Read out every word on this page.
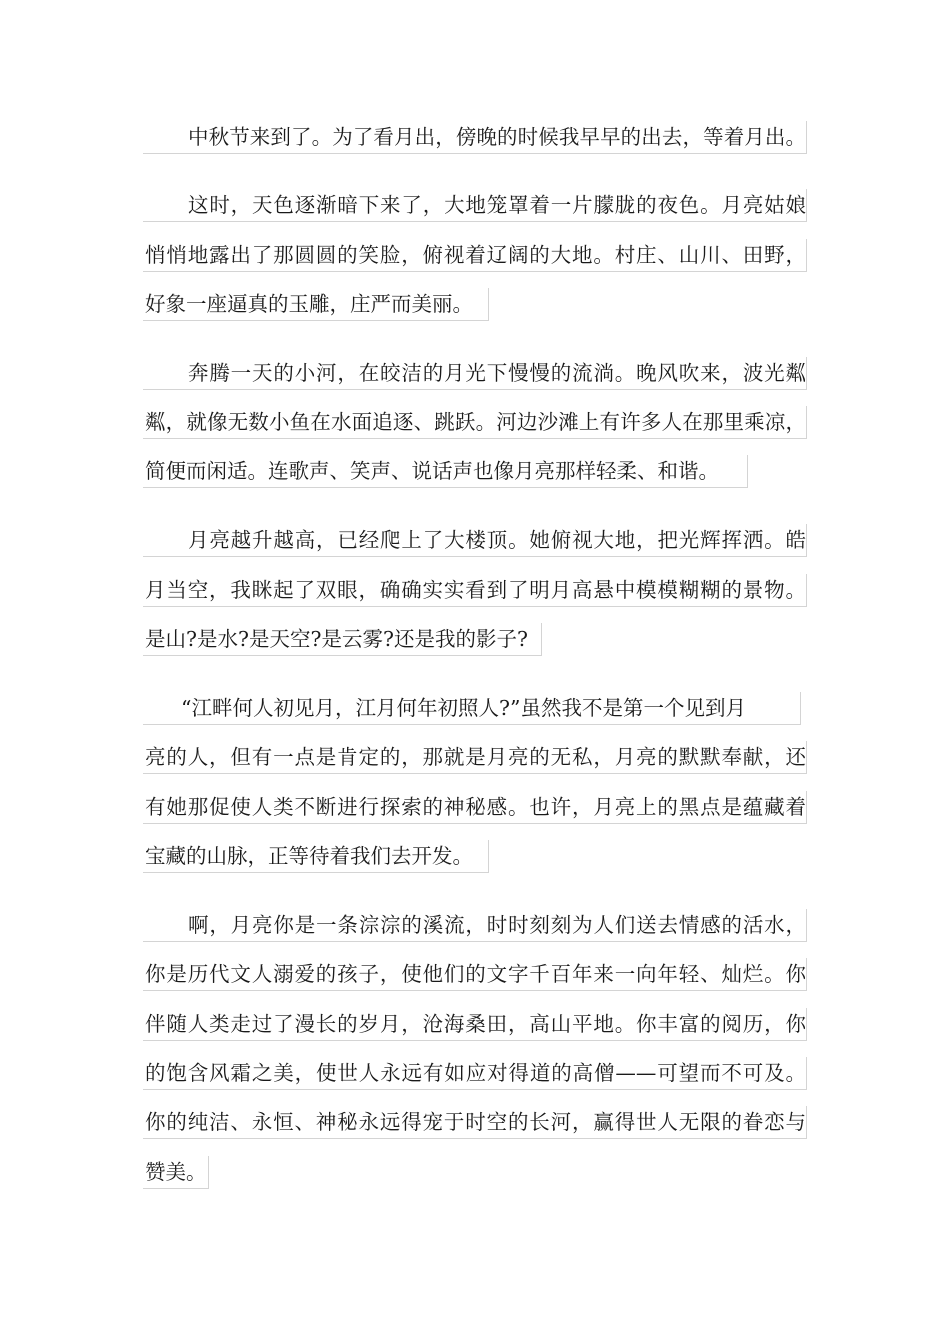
中秋节来到了。为了看月出，傍晚的时候我早早的出去，等着月出。
这时，天色逐渐暗下来了，大地笼罩着一片朦胧的夜色。月亮姑娘
悄悄地露出了那圆圆的笑脸，俯视着辽阔的大地。村庄、山川、田野，
好象一座逼真的玉雕，庄严而美丽。
奔腾一天的小河，在皎洁的月光下慢慢的流淌。晚风吹来，波光粼
粼，就像无数小鱼在水面追逐、跳跃。河边沙滩上有许多人在那里乘凉，
简便而闲适。连歌声、笑声、说话声也像月亮那样轻柔、和谐。
月亮越升越高，已经爬上了大楼顶。她俯视大地，把光辉挥洒。皓
月当空，我眯起了双眼，确确实实看到了明月高悬中模模糊糊的景物。
是山?是水?是天空?是云雾?还是我的影子?
“江畔何人初见月，江月何年初照人?”虽然我不是第一个见到月
亮的人，但有一点是肯定的，那就是月亮的无私，月亮的默默奉献，还
有她那促使人类不断进行探索的神秘感。也许，月亮上的黑点是蕴藏着
宝藏的山脉，正等待着我们去开发。
啊，月亮你是一条淙淙的溪流，时时刻刻为人们送去情感的活水，
你是历代文人溺爱的孩子，使他们的文字千百年来一向年轻、灿烂。你
伴随人类走过了漫长的岁月，沧海桑田，高山平地。你丰富的阅历，你
的饱含风霜之美，使世人永远有如应对得道的高僧——可望而不可及。
你的纯洁、永恒、神秘永远得宠于时空的长河，赢得世人无限的眷恋与
赞美。
